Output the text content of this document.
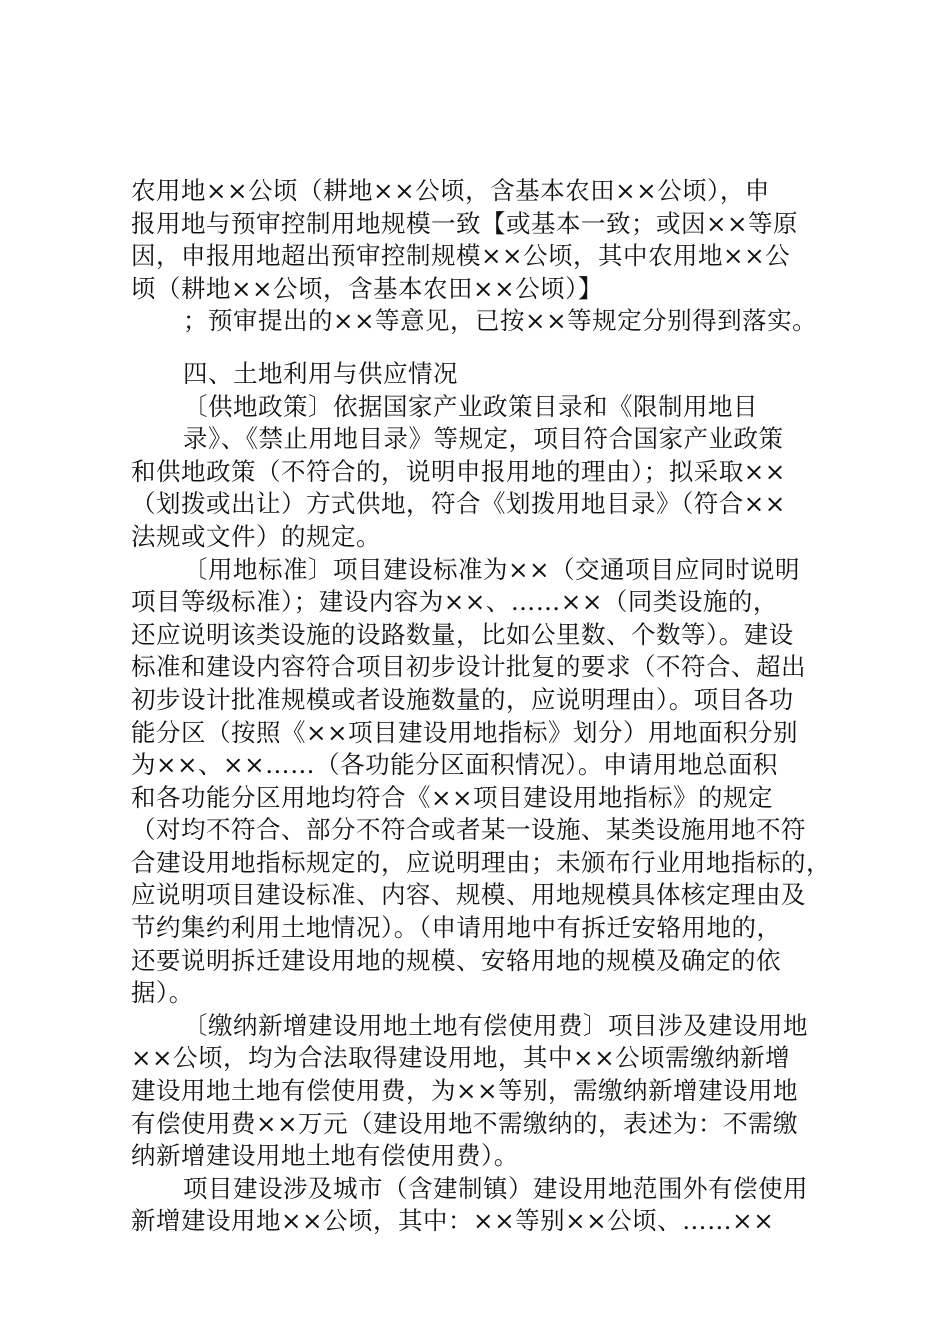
农用地××公顷（耕地××公顷，含基本农田××公顷），申
报用地与预审控制用地规模一致【或基本一致；或因××等原
因，申报用地超出预审控制规模××公顷，其中农用地××公
顷（耕地××公顷，含基本农田××公顷）】
；预审提出的××等意见，已按××等规定分别得到落实。
四、土地利用与供应情况
〔供地政策〕依据国家产业政策目录和《限制用地目
录》、《禁止用地目录》等规定，项目符合国家产业政策
和供地政策（不符合的，说明申报用地的理由）；拟采取××
（划拨或出让）方式供地，符合《划拨用地目录》（符合××
法规或文件）的规定。
〔用地标准〕项目建设标准为××（交通项目应同时说明
项目等级标准）；建设内容为××、……××（同类设施的，
还应说明该类设施的设路数量，比如公里数、个数等）。建设
标准和建设内容符合项目初步设计批复的要求（不符合、超出
初步设计批准规模或者设施数量的，应说明理由）。项目各功
能分区（按照《××项目建设用地指标》划分）用地面积分别
为××、××……（各功能分区面积情况）。申请用地总面积
和各功能分区用地均符合《××项目建设用地指标》的规定
（对均不符合、部分不符合或者某一设施、某类设施用地不符
合建设用地指标规定的，应说明理由；未颁布行业用地指标的，
应说明项目建设标准、内容、规模、用地规模具体核定理由及
节约集约利用土地情况）。（申请用地中有拆迁安辂用地的，
还要说明拆迁建设用地的规模、安辂用地的规模及确定的依
据）。
〔缴纳新增建设用地土地有偿使用费〕项目涉及建设用地
××公顷，均为合法取得建设用地，其中××公顷需缴纳新增
建设用地土地有偿使用费，为××等别，需缴纳新增建设用地
有偿使用费××万元（建设用地不需缴纳的，表述为：不需缴
纳新增建设用地土地有偿使用费）。
项目建设涉及城市（含建制镇）建设用地范围外有偿使用
新增建设用地××公顷，其中：××等别××公顷、……××
